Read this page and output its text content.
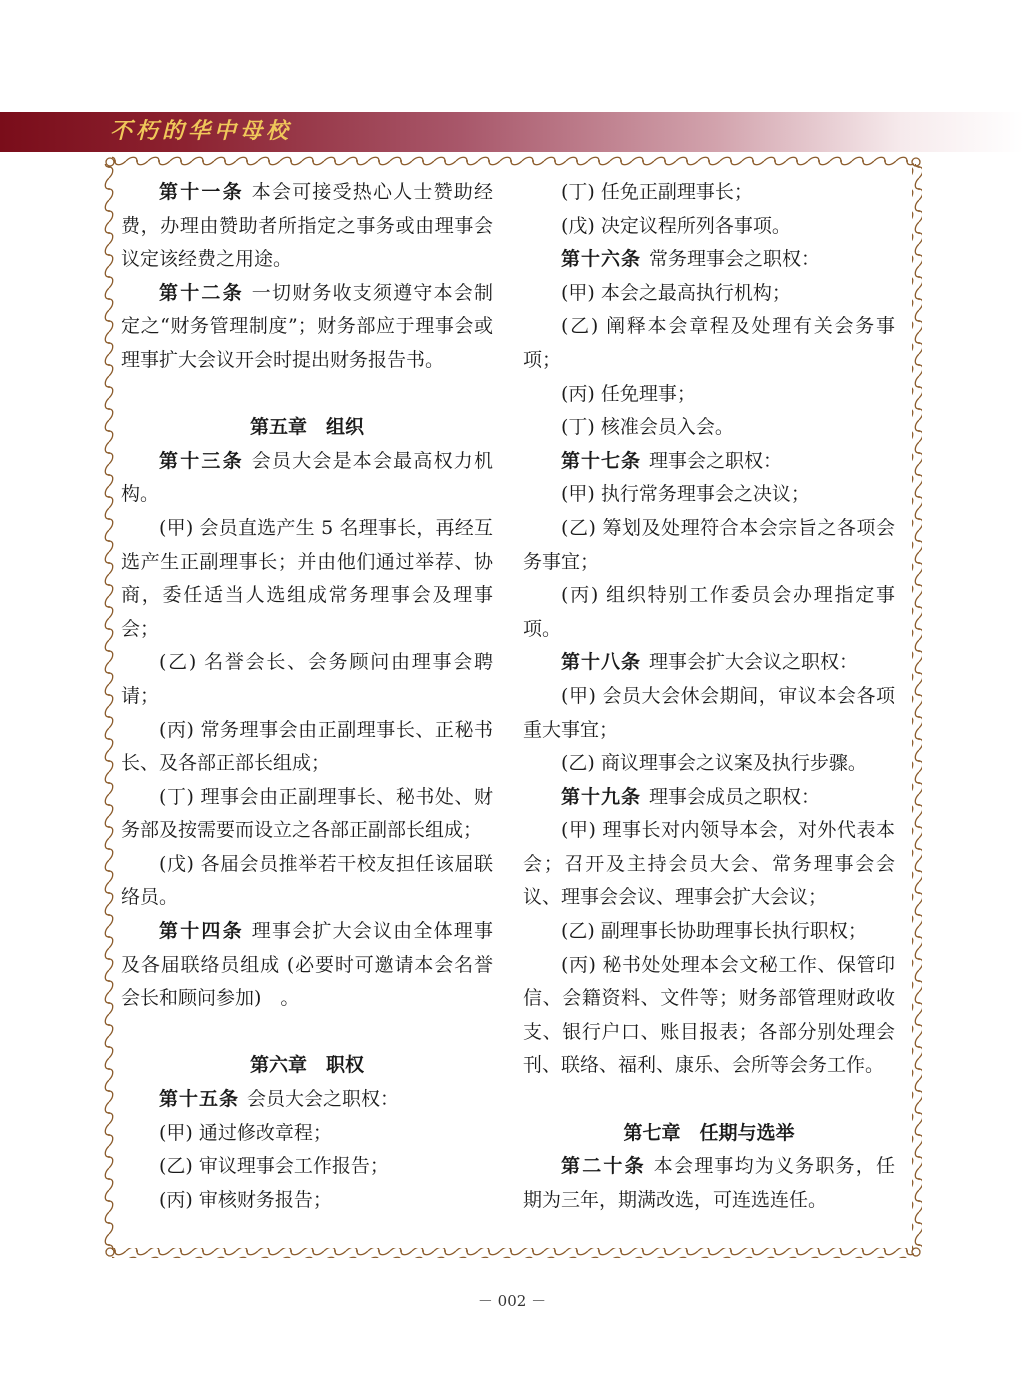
不朽的华中母校

第十一条 本会可接受热心人士赞助经费，办理由赞助者所指定之事务或由理事会议定该经费之用途。

第十二条 一切财务收支须遵守本会制定之“财务管理制度”；财务部应于理事会或理事扩大会议开会时提出财务报告书。

第五章　组织

第十三条 会员大会是本会最高权力机构。

(甲) 会员直选产生 5 名理事长，再经互选产生正副理事长；并由他们通过举荐、协商，委任适当人选组成常务理事会及理事会；

(乙) 名誉会长、会务顾问由理事会聘请；

(丙) 常务理事会由正副理事长、正秘书长、及各部正部长组成；

(丁) 理事会由正副理事长、秘书处、财务部及按需要而设立之各部正副部长组成；

(戊) 各届会员推举若干校友担任该届联络员。

第十四条 理事会扩大会议由全体理事及各届联络员组成 (必要时可邀请本会名誉会长和顾问参加)　。

第六章　职权

第十五条 会员大会之职权：

(甲) 通过修改章程；

(乙) 审议理事会工作报告；

(丙) 审核财务报告；

(丁) 任免正副理事长；

(戊) 决定议程所列各事项。

第十六条 常务理事会之职权：

(甲) 本会之最高执行机构；

(乙) 阐释本会章程及处理有关会务事项；

(丙) 任免理事；

(丁) 核准会员入会。

第十七条 理事会之职权：

(甲) 执行常务理事会之决议；

(乙) 筹划及处理符合本会宗旨之各项会务事宜；

(丙) 组织特别工作委员会办理指定事项。

第十八条 理事会扩大会议之职权：

(甲) 会员大会休会期间，审议本会各项重大事宜；

(乙) 商议理事会之议案及执行步骤。

第十九条 理事会成员之职权：

(甲) 理事长对内领导本会，对外代表本会；召开及主持会员大会、常务理事会会议、理事会会议、理事会扩大会议；

(乙) 副理事长协助理事长执行职权；

(丙) 秘书处处理本会文秘工作、保管印信、会籍资料、文件等；财务部管理财政收支、银行户口、账目报表；各部分别处理会刊、联络、福利、康乐、会所等会务工作。

第七章　任期与选举

第二十条 本会理事均为义务职务，任期为三年，期满改选，可连选连任。

－ 002 －
